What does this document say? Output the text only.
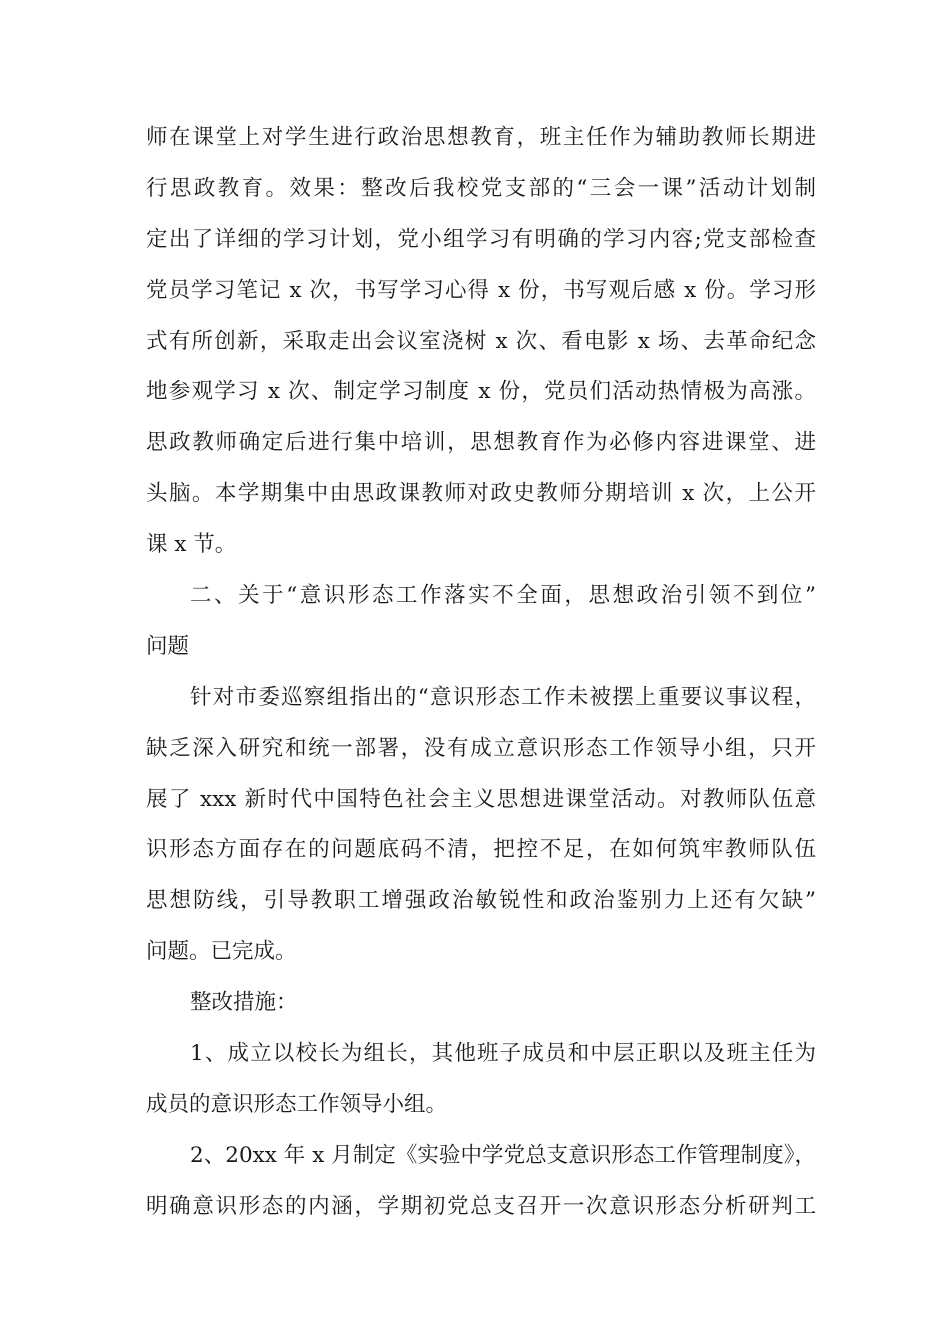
师在课堂上对学生进行政治思想教育，班主任作为辅助教师长期进
行思政教育。效果：整改后我校党支部的“三会一课”活动计划制
定出了详细的学习计划，党小组学习有明确的学习内容;党支部检查
党员学习笔记 x 次，书写学习心得 x 份，书写观后感 x 份。学习形
式有所创新，采取走出会议室浇树 x 次、看电影 x 场、去革命纪念
地参观学习 x 次、制定学习制度 x 份，党员们活动热情极为高涨。
思政教师确定后进行集中培训，思想教育作为必修内容进课堂、进
头脑。本学期集中由思政课教师对政史教师分期培训 x 次，上公开
课 x 节。
二、关于“意识形态工作落实不全面，思想政治引领不到位”
问题
针对市委巡察组指出的“意识形态工作未被摆上重要议事议程，
缺乏深入研究和统一部署，没有成立意识形态工作领导小组，只开
展了 xxx 新时代中国特色社会主义思想进课堂活动。对教师队伍意
识形态方面存在的问题底码不清，把控不足，在如何筑牢教师队伍
思想防线，引导教职工增强政治敏锐性和政治鉴别力上还有欠缺”
问题。已完成。
整改措施：
1、成立以校长为组长，其他班子成员和中层正职以及班主任为
成员的意识形态工作领导小组。
2、20xx 年 x 月制定《实验中学党总支意识形态工作管理制度》，
明确意识形态的内涵，学期初党总支召开一次意识形态分析研判工
